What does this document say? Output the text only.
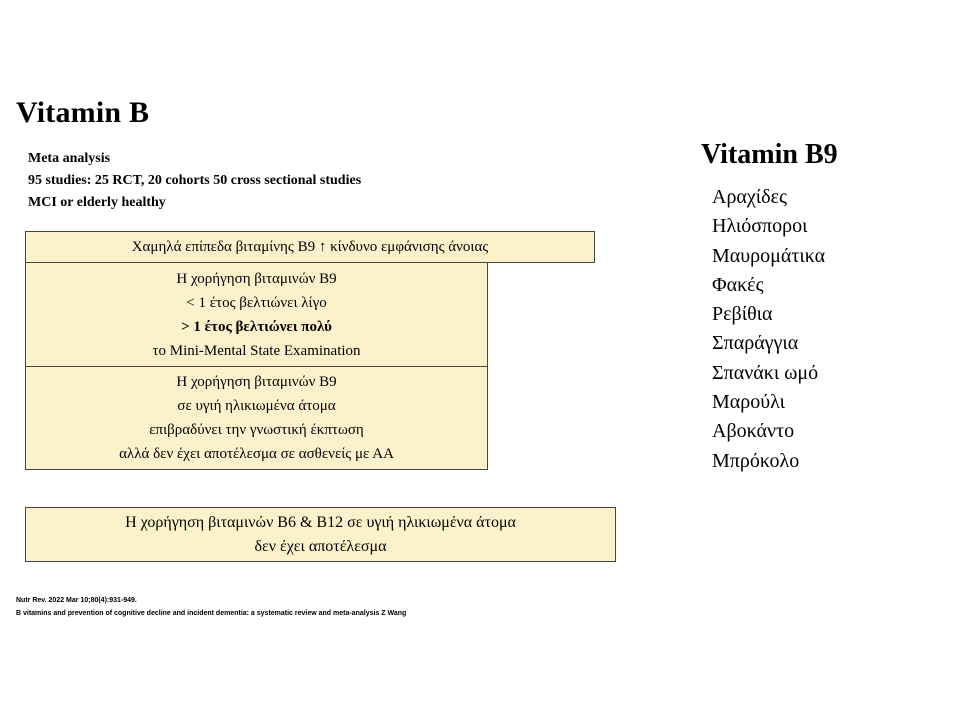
Vitamin B
Meta analysis
95 studies: 25 RCT, 20 cohorts 50 cross sectional studies
MCI or elderly healthy
Χαμηλά επίπεδα βιταμίνης Β9 ↑ κίνδυνο εμφάνισης άνοιας
Η χορήγηση βιταμινών Β9
< 1 έτος βελτιώνει λίγο
> 1 έτος βελτιώνει πολύ
το Mini-Mental State Examination
Η χορήγηση βιταμινών Β9
σε υγιή ηλικιωμένα άτομα
επιβραδύνει την γνωστική έκπτωση
αλλά δεν έχει αποτέλεσμα σε ασθενείς με ΑΑ
Η χορήγηση βιταμινών Β6 & Β12 σε υγιή ηλικιωμένα άτομα
δεν έχει αποτέλεσμα
Nutr Rev. 2022 Mar 10;80(4):931-949.
B vitamins and prevention of cognitive decline and incident dementia: a systematic review and meta-analysis Z Wang
Vitamin B9
Αραχίδες
Ηλιόσποροι
Μαυρομάτικα
Φακές
Ρεβίθια
Σπαράγγια
Σπανάκι ωμό
Μαρούλι
Αβοκάντο
Μπρόκολο
